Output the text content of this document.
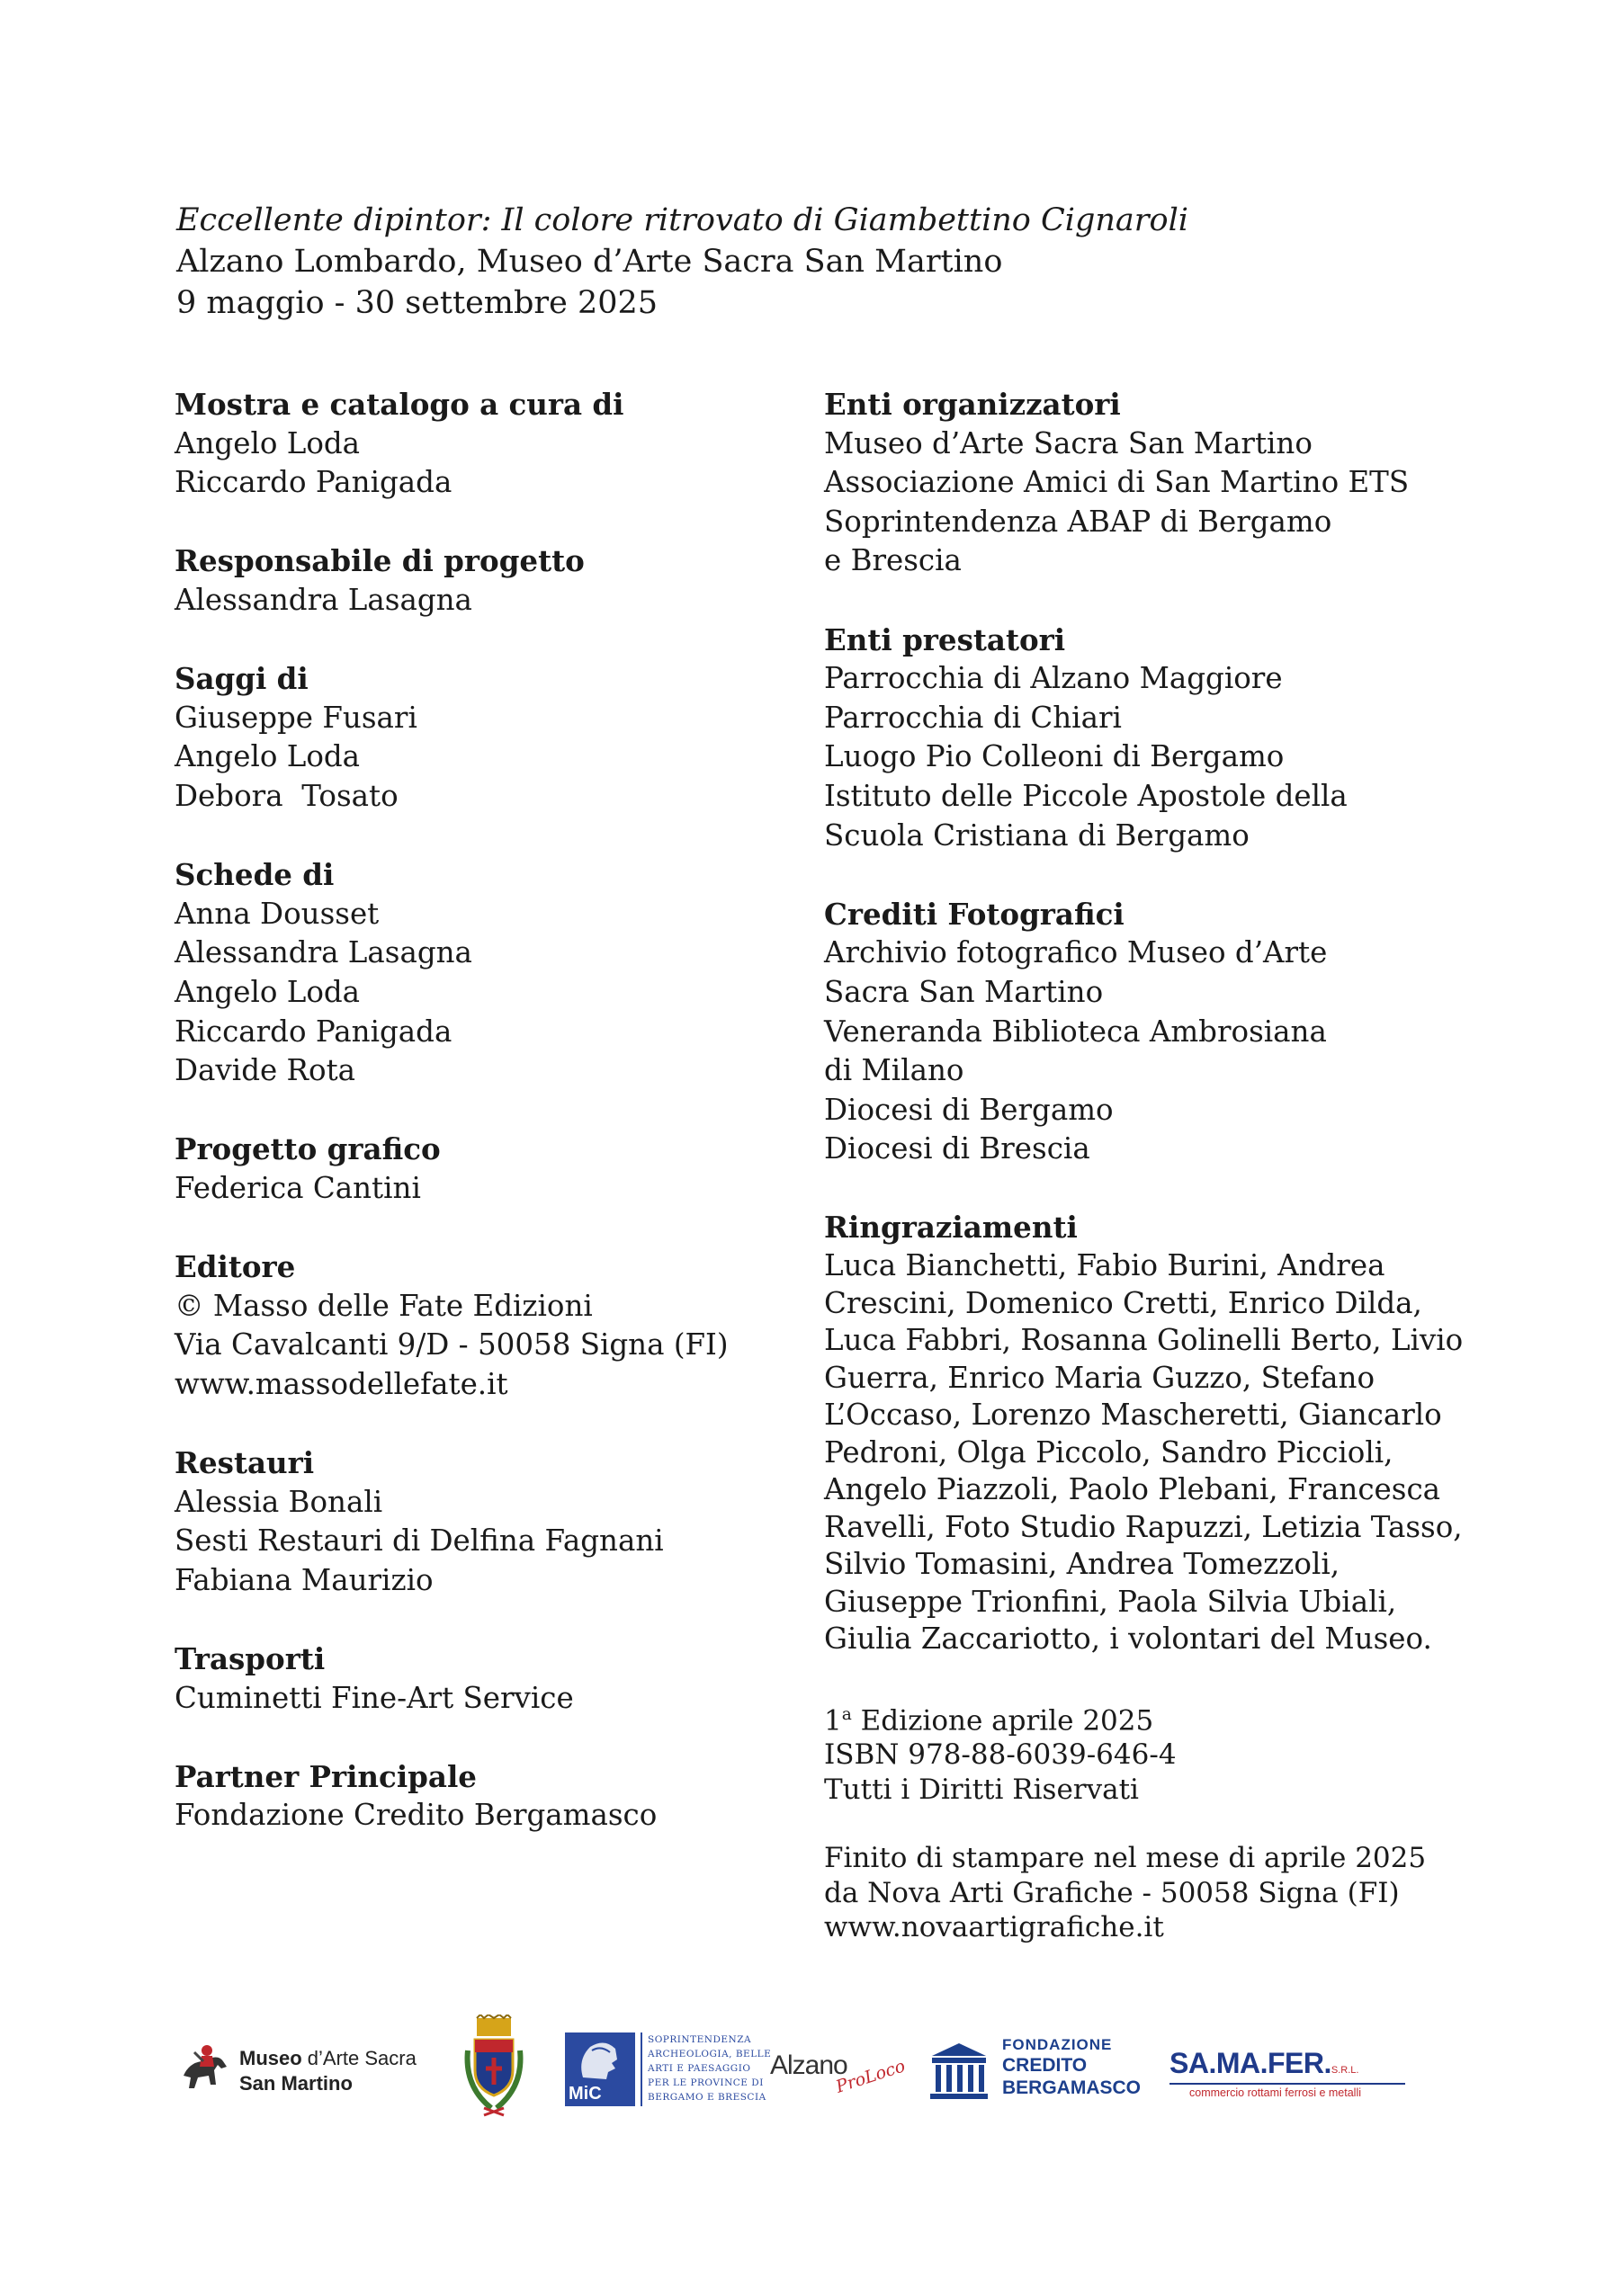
Eccellente dipintor: Il colore ritrovato di Giambettino Cignaroli
Alzano Lombardo, Museo d’Arte Sacra San Martino
9 maggio - 30 settembre 2025
Mostra e catalogo a cura di
Angelo Loda
Riccardo Panigada
Responsabile di progetto
Alessandra Lasagna
Saggi di
Giuseppe Fusari
Angelo Loda
Debora  Tosato
Schede di
Anna Dousset
Alessandra Lasagna
Angelo Loda
Riccardo Panigada
Davide Rota
Progetto grafico
Federica Cantini
Editore
© Masso delle Fate Edizioni
Via Cavalcanti 9/D - 50058 Signa (FI)
www.massodellefate.it
Restauri
Alessia Bonali
Sesti Restauri di Delfina Fagnani
Fabiana Maurizio
Trasporti
Cuminetti Fine-Art Service
Partner Principale
Fondazione Credito Bergamasco
Enti organizzatori
Museo d’Arte Sacra San Martino
Associazione Amici di San Martino ETS
Soprintendenza ABAP di Bergamo
e Brescia
Enti prestatori
Parrocchia di Alzano Maggiore
Parrocchia di Chiari
Luogo Pio Colleoni di Bergamo
Istituto delle Piccole Apostole della
Scuola Cristiana di Bergamo
Crediti Fotografici
Archivio fotografico Museo d’Arte
Sacra San Martino
Veneranda Biblioteca Ambrosiana
di Milano
Diocesi di Bergamo
Diocesi di Brescia
Ringraziamenti
Luca Bianchetti, Fabio Burini, Andrea
Crescini, Domenico Cretti, Enrico Dilda,
Luca Fabbri, Rosanna Golinelli Berto, Livio
Guerra, Enrico Maria Guzzo, Stefano
L’Occaso, Lorenzo Mascheretti, Giancarlo
Pedroni, Olga Piccolo, Sandro Piccioli,
Angelo Piazzoli, Paolo Plebani, Francesca
Ravelli, Foto Studio Rapuzzi, Letizia Tasso,
Silvio Tomasini, Andrea Tomezzoli,
Giuseppe Trionfini, Paola Silvia Ubiali,
Giulia Zaccariotto, i volontari del Museo.
1$^a$ Edizione aprile 2025
ISBN 978-88-6039-646-4
Tutti i Diritti Riservati
Finito di stampare nel mese di aprile 2025
da Nova Arti Grafiche - 50058 Signa (FI)
www.novaartigrafiche.it
Museo d’Arte Sacra
San Martino	MiC
SOPRINTENDENZA
ARCHEOLOGIA, BELLE
ARTI E PAESAGGIO
PER LE PROVINCE DI
BERGAMO E BRESCIA
Alzano
ProLoco
FONDAZIONE
CREDITO
BERGAMASCO
SA.MA.FER.S.R.L.
commercio rottami ferrosi e metalli
